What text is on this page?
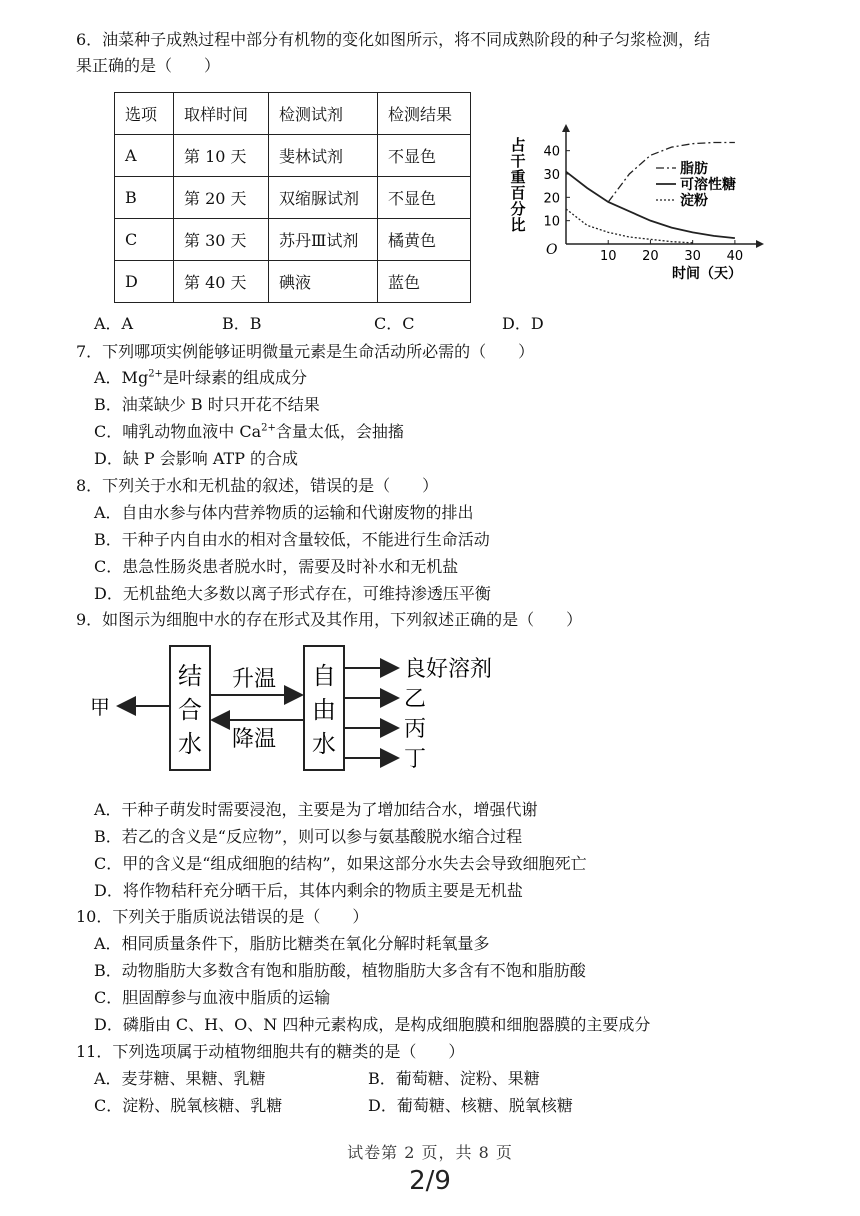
6．油菜种子成熟过程中部分有机物的变化如图所示，将不同成熟阶段的种子匀浆检测，结
果正确的是（　　）
选项	取样时间	检测试剂	检测结果
A	第 10 天	斐林试剂	不显色
B	第 20 天	双缩脲试剂	不显色
C	第 30 天	苏丹Ⅲ试剂	橘黄色
D	第 40 天	碘液	蓝色
10 20 30 40
10
20
30
40
脂肪
可溶性糖
淀粉
占干重百分比
时间（天）
O
A．A	B．B	C．C	D．D
7．下列哪项实例能够证明微量元素是生命活动所必需的（　　）
A．$Mg^{2+}$是叶绿素的组成成分
B．油菜缺少 B 时只开花不结果
C．哺乳动物血液中 $Ca^{2+}$含量太低，会抽搐
D．缺 P 会影响 ATP 的合成
8．下列关于水和无机盐的叙述，错误的是（　　）
A．自由水参与体内营养物质的运输和代谢废物的排出
B．干种子内自由水的相对含量较低，不能进行生命活动
C．患急性肠炎患者脱水时，需要及时补水和无机盐
D．无机盐绝大多数以离子形式存在，可维持渗透压平衡
9．如图示为细胞中水的存在形式及其作用，下列叙述正确的是（　　）
结合水
自由水
升温
降温
甲
良好溶剂
乙
丙
丁
A．干种子萌发时需要浸泡，主要是为了增加结合水，增强代谢
B．若乙的含义是“反应物”，则可以参与氨基酸脱水缩合过程
C．甲的含义是“组成细胞的结构”，如果这部分水失去会导致细胞死亡
D．将作物秸秆充分晒干后，其体内剩余的物质主要是无机盐
10．下列关于脂质说法错误的是（　　）
A．相同质量条件下，脂肪比糖类在氧化分解时耗氧量多
B．动物脂肪大多数含有饱和脂肪酸，植物脂肪大多含有不饱和脂肪酸
C．胆固醇参与血液中脂质的运输
D．磷脂由 C、H、O、N 四种元素构成，是构成细胞膜和细胞器膜的主要成分
11．下列选项属于动植物细胞共有的糖类的是（　　）
A．麦芽糖、果糖、乳糖	B．葡萄糖、淀粉、果糖
C．淀粉、脱氧核糖、乳糖	D．葡萄糖、核糖、脱氧核糖
试卷第 2 页，共 8 页
2/9
